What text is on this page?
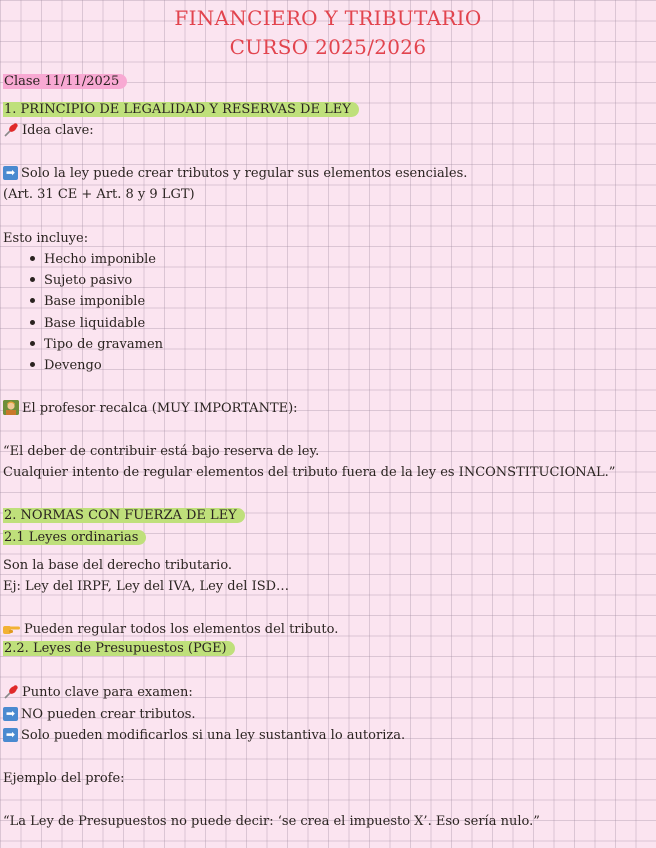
FINANCIERO Y TRIBUTARIO
CURSO 2025/2026
Clase 11/11/2025
1. PRINCIPIO DE LEGALIDAD Y RESERVAS DE LEY
Idea clave:
➡ Solo la ley puede crear tributos y regular sus elementos esenciales.
(Art. 31 CE + Art. 8 y 9 LGT)
Esto incluye:
Hecho imponible
Sujeto pasivo
Base imponible
Base liquidable
Tipo de gravamen
Devengo
El profesor recalca (MUY IMPORTANTE):
“El deber de contribuir está bajo reserva de ley.
Cualquier intento de regular elementos del tributo fuera de la ley es INCONSTITUCIONAL.”
2. NORMAS CON FUERZA DE LEY
2.1 Leyes ordinarias
Son la base del derecho tributario.
Ej: Ley del IRPF, Ley del IVA, Ley del ISD…
Pueden regular todos los elementos del tributo.
2.2. Leyes de Presupuestos (PGE)
Punto clave para examen:
➡ NO pueden crear tributos.
➡ Solo pueden modificarlos si una ley sustantiva lo autoriza.
Ejemplo del profe:
“La Ley de Presupuestos no puede decir: ‘se crea el impuesto X’. Eso sería nulo.”
